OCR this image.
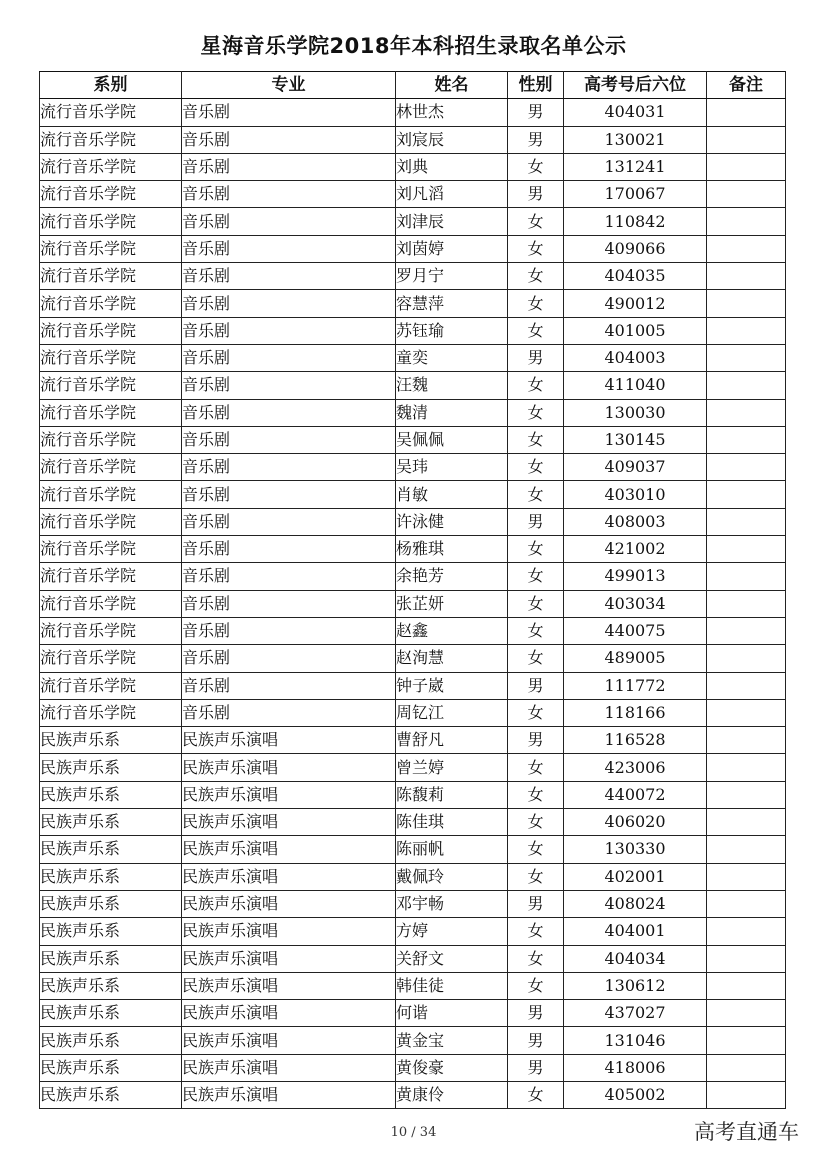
星海音乐学院2018年本科招生录取名单公示
系别	专业	姓名	性别	高考号后六位	备注
流行音乐学院	音乐剧	林世杰	男	404031	
流行音乐学院	音乐剧	刘宸辰	男	130021	
流行音乐学院	音乐剧	刘典	女	131241	
流行音乐学院	音乐剧	刘凡滔	男	170067	
流行音乐学院	音乐剧	刘津辰	女	110842	
流行音乐学院	音乐剧	刘茵婷	女	409066	
流行音乐学院	音乐剧	罗月宁	女	404035	
流行音乐学院	音乐剧	容慧萍	女	490012	
流行音乐学院	音乐剧	苏钰瑜	女	401005	
流行音乐学院	音乐剧	童奕	男	404003	
流行音乐学院	音乐剧	汪魏	女	411040	
流行音乐学院	音乐剧	魏清	女	130030	
流行音乐学院	音乐剧	吴佩佩	女	130145	
流行音乐学院	音乐剧	吴玮	女	409037	
流行音乐学院	音乐剧	肖敏	女	403010	
流行音乐学院	音乐剧	许泳健	男	408003	
流行音乐学院	音乐剧	杨雅琪	女	421002	
流行音乐学院	音乐剧	余艳芳	女	499013	
流行音乐学院	音乐剧	张芷妍	女	403034	
流行音乐学院	音乐剧	赵鑫	女	440075	
流行音乐学院	音乐剧	赵洵慧	女	489005	
流行音乐学院	音乐剧	钟子崴	男	111772	
流行音乐学院	音乐剧	周钇江	女	118166	
民族声乐系	民族声乐演唱	曹舒凡	男	116528	
民族声乐系	民族声乐演唱	曾兰婷	女	423006	
民族声乐系	民族声乐演唱	陈馥莉	女	440072	
民族声乐系	民族声乐演唱	陈佳琪	女	406020	
民族声乐系	民族声乐演唱	陈丽帆	女	130330	
民族声乐系	民族声乐演唱	戴佩玲	女	402001	
民族声乐系	民族声乐演唱	邓宇畅	男	408024	
民族声乐系	民族声乐演唱	方婷	女	404001	
民族声乐系	民族声乐演唱	关舒文	女	404034	
民族声乐系	民族声乐演唱	韩佳徒	女	130612	
民族声乐系	民族声乐演唱	何谐	男	437027	
民族声乐系	民族声乐演唱	黄金宝	男	131046	
民族声乐系	民族声乐演唱	黄俊豪	男	418006	
民族声乐系	民族声乐演唱	黄康伶	女	405002	
10 / 34	高考直通车
